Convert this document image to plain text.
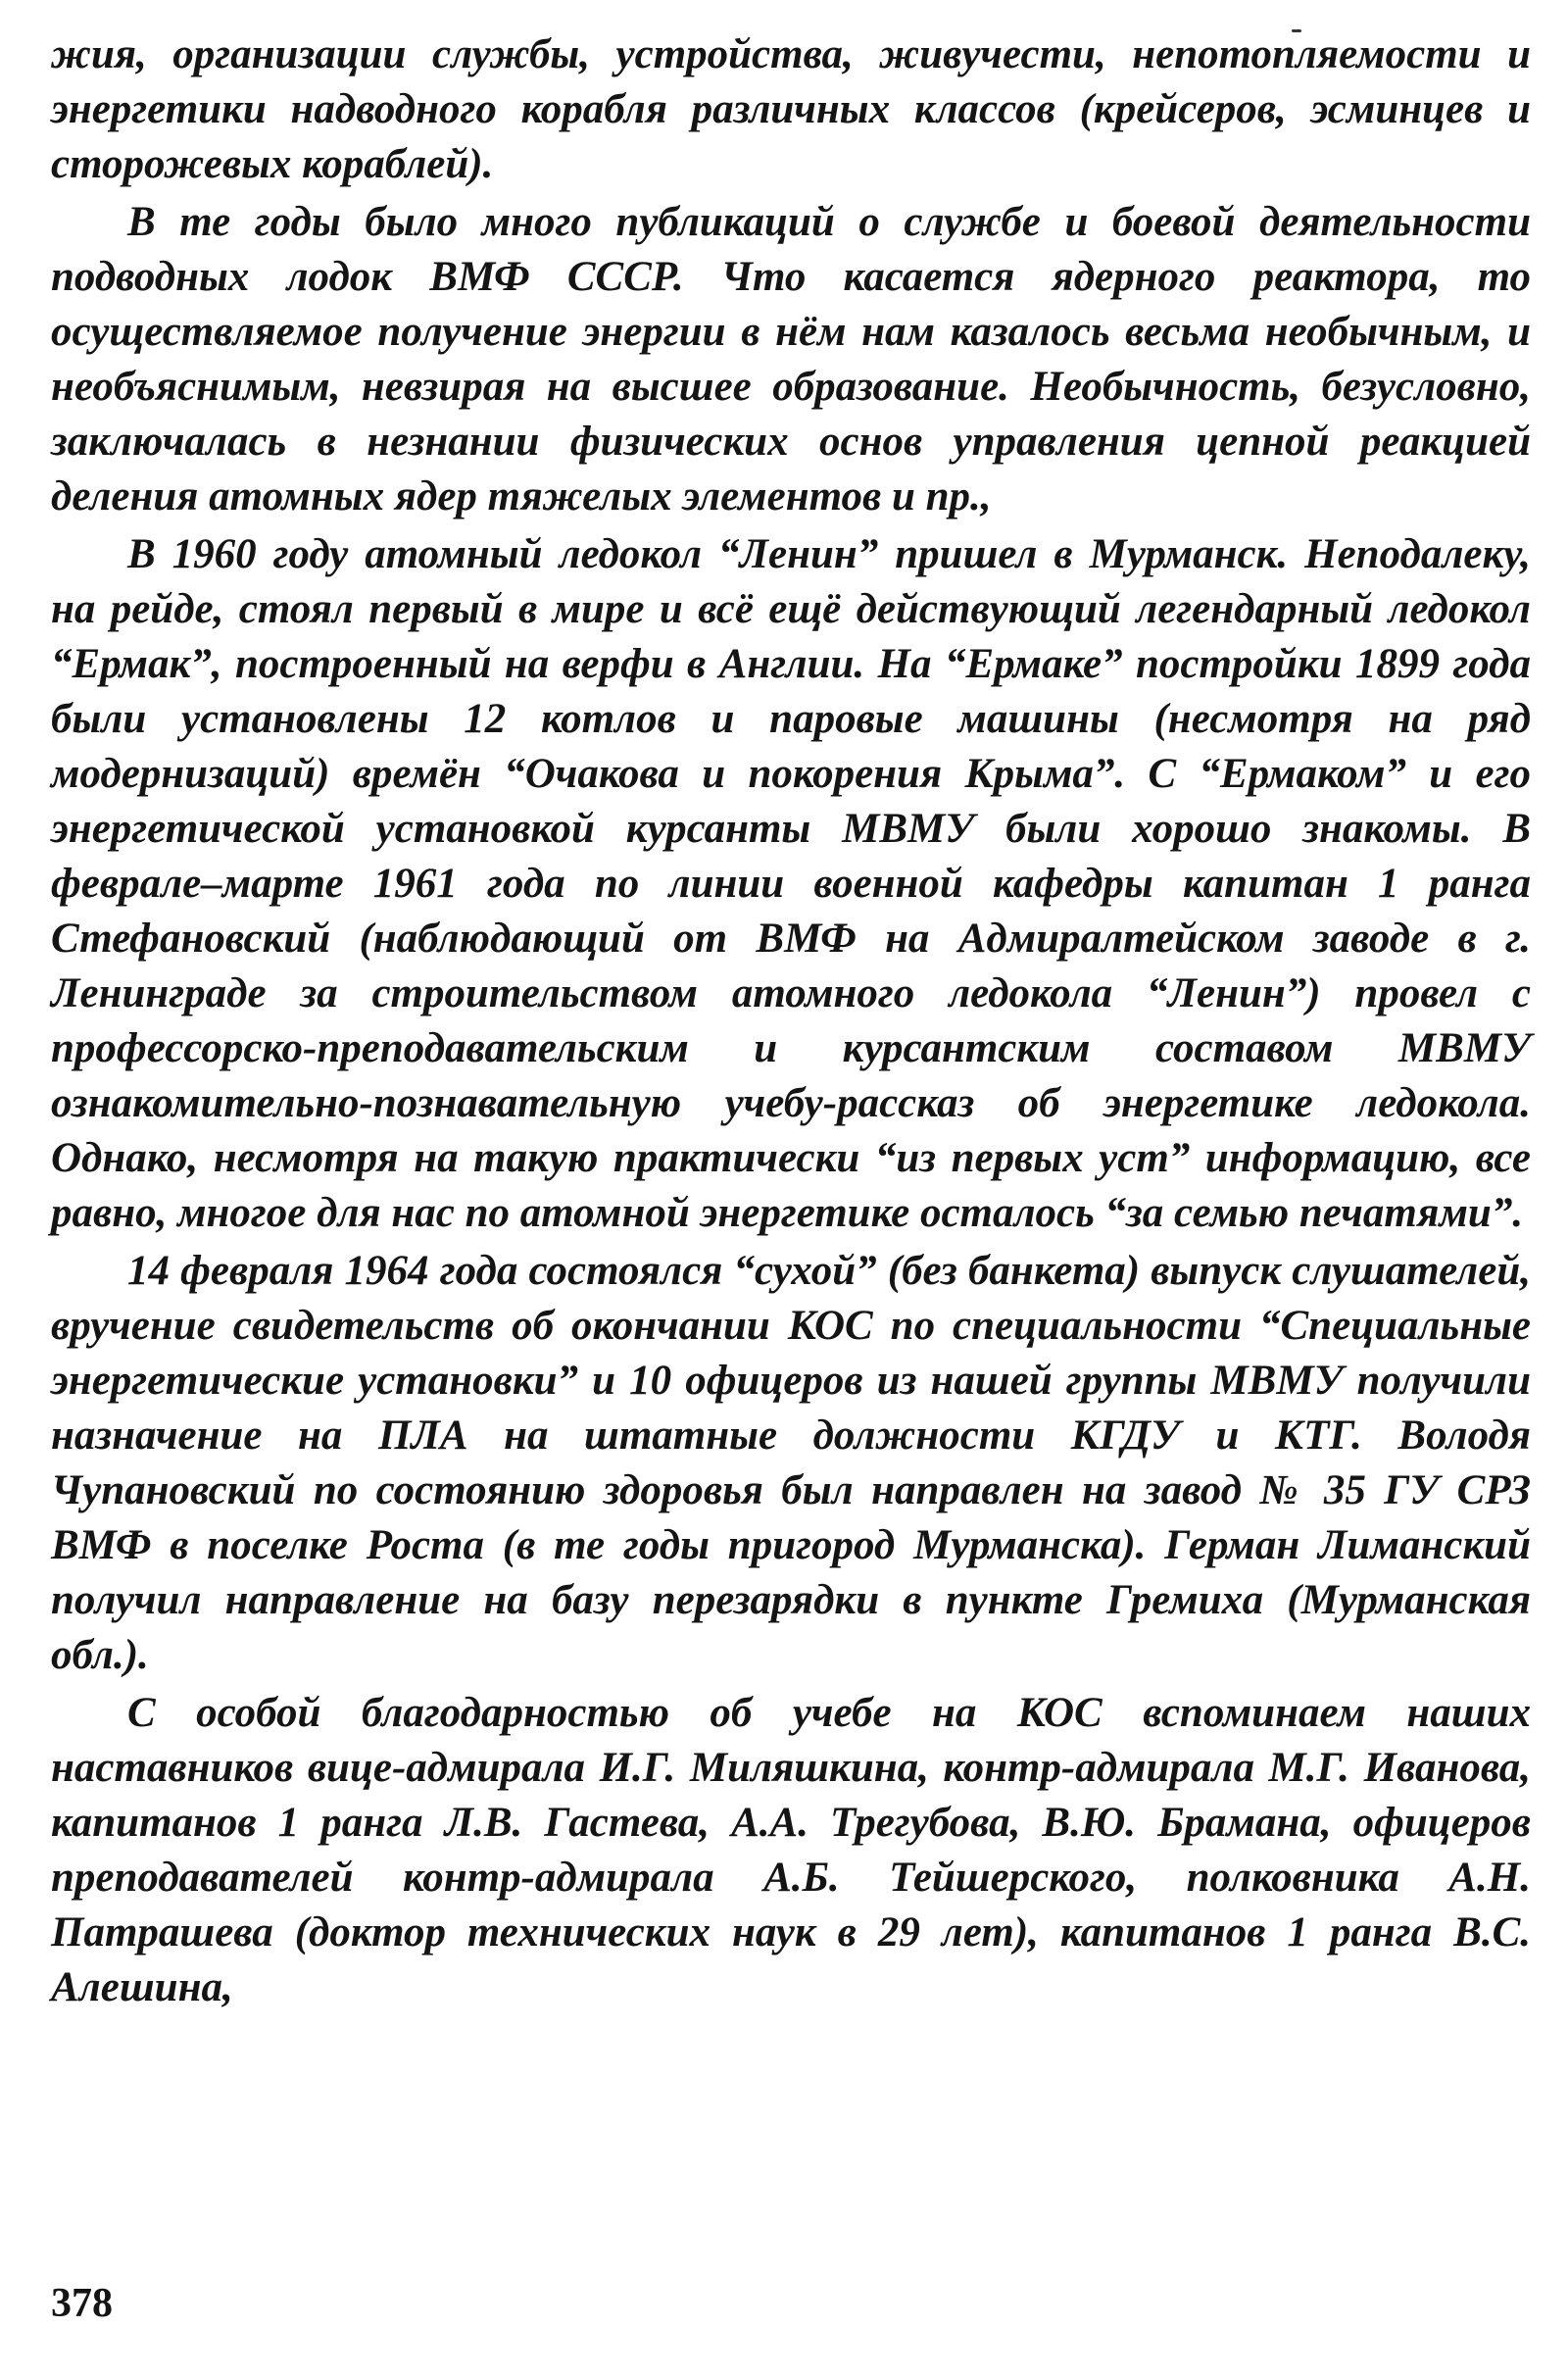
жия, организации службы, устройства, живучести, непотопляемости и энергетики надводного корабля различных классов (крейсеров, эсминцев и сторожевых кораблей).

В те годы было много публикаций о службе и боевой деятельности подводных лодок ВМФ СССР. Что касается ядерного реактора, то осуществляемое получение энергии в нём нам казалось весьма необычным, и необъяснимым, невзирая на высшее образование. Необычность, безусловно, заключалась в незнании физических основ управления цепной реакцией деления атомных ядер тяжелых элементов и пр.,

В 1960 году атомный ледокол “Ленин” пришел в Мурманск. Неподалеку, на рейде, стоял первый в мире и всё ещё действующий легендарный ледокол “Ермак”, построенный на верфи в Англии. На “Ермаке” постройки 1899 года были установлены 12 котлов и паровые машины (несмотря на ряд модернизаций) времён “Очакова и покорения Крыма”. С “Ермаком” и его энергетической установкой курсанты МВМУ были хорошо знакомы. В феврале–марте 1961 года по линии военной кафедры капитан 1 ранга Стефановский (наблюдающий от ВМФ на Адмиралтейском заводе в г. Ленинграде за строительством атомного ледокола “Ленин”) провел с профессорско-преподавательским и курсантским составом МВМУ ознакомительно-познавательную учебу-рассказ об энергетике ледокола. Однако, несмотря на такую практически “из первых уст” информацию, все равно, многое для нас по атомной энергетике осталось “за семью печатями”.

14 февраля 1964 года состоялся “сухой” (без банкета) выпуск слушателей, вручение свидетельств об окончании КОС по специальности “Специальные энергетические установки” и 10 офицеров из нашей группы МВМУ получили назначение на ПЛА на штатные должности КГДУ и КТГ. Володя Чупановский по состоянию здоровья был направлен на завод № 35 ГУ СРЗ ВМФ в поселке Роста (в те годы пригород Мурманска). Герман Лиманский получил направление на базу перезарядки в пункте Гремиха (Мурманская обл.).

С особой благодарностью об учебе на КОС вспоминаем наших наставников вице-адмирала И.Г. Миляшкина, контр-адмирала М.Г. Иванова, капитанов 1 ранга Л.В. Гастева, А.А. Трегубова, В.Ю. Брамана, офицеров преподавателей контр-адмирала А.Б. Тейшерского, полковника А.Н. Патрашева (доктор технических наук в 29 лет), капитанов 1 ранга В.С. Алешина,

378
